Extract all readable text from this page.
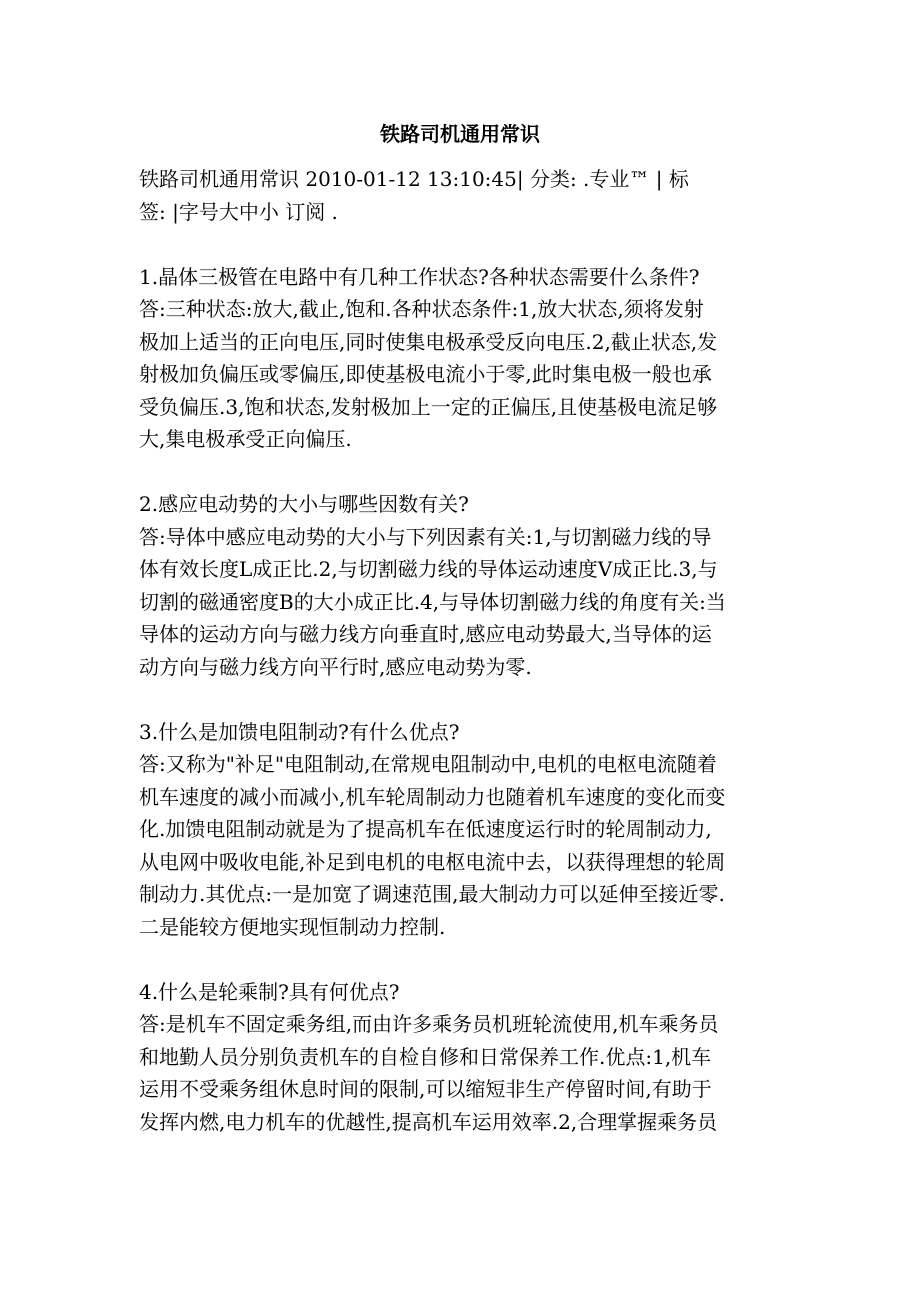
铁路司机通用常识
铁路司机通用常识 2010-01-12 13:10:45| 分类: .专业™ | 标
签: |字号大中小 订阅 .
1.晶体三极管在电路中有几种工作状态?各种状态需要什么条件?
答:三种状态:放大,截止,饱和.各种状态条件:1,放大状态,须将发射
极加上适当的正向电压,同时使集电极承受反向电压.2,截止状态,发
射极加负偏压或零偏压,即使基极电流小于零,此时集电极一般也承
受负偏压.3,饱和状态,发射极加上一定的正偏压,且使基极电流足够
大,集电极承受正向偏压.
2.感应电动势的大小与哪些因数有关?
答:导体中感应电动势的大小与下列因素有关:1,与切割磁力线的导
体有效长度L成正比.2,与切割磁力线的导体运动速度V成正比.3,与
切割的磁通密度B的大小成正比.4,与导体切割磁力线的角度有关:当
导体的运动方向与磁力线方向垂直时,感应电动势最大,当导体的运
动方向与磁力线方向平行时,感应电动势为零.
3.什么是加馈电阻制动?有什么优点?
答:又称为"补足"电阻制动,在常规电阻制动中,电机的电枢电流随着
机车速度的减小而减小,机车轮周制动力也随着机车速度的变化而变
化.加馈电阻制动就是为了提高机车在低速度运行时的轮周制动力,
从电网中吸收电能,补足到电机的电枢电流中去，以获得理想的轮周
制动力.其优点:一是加宽了调速范围,最大制动力可以延伸至接近零.
二是能较方便地实现恒制动力控制.
4.什么是轮乘制?具有何优点?
答:是机车不固定乘务组,而由许多乘务员机班轮流使用,机车乘务员
和地勤人员分别负责机车的自检自修和日常保养工作.优点:1,机车
运用不受乘务组休息时间的限制,可以缩短非生产停留时间,有助于
发挥内燃,电力机车的优越性,提高机车运用效率.2,合理掌握乘务员
